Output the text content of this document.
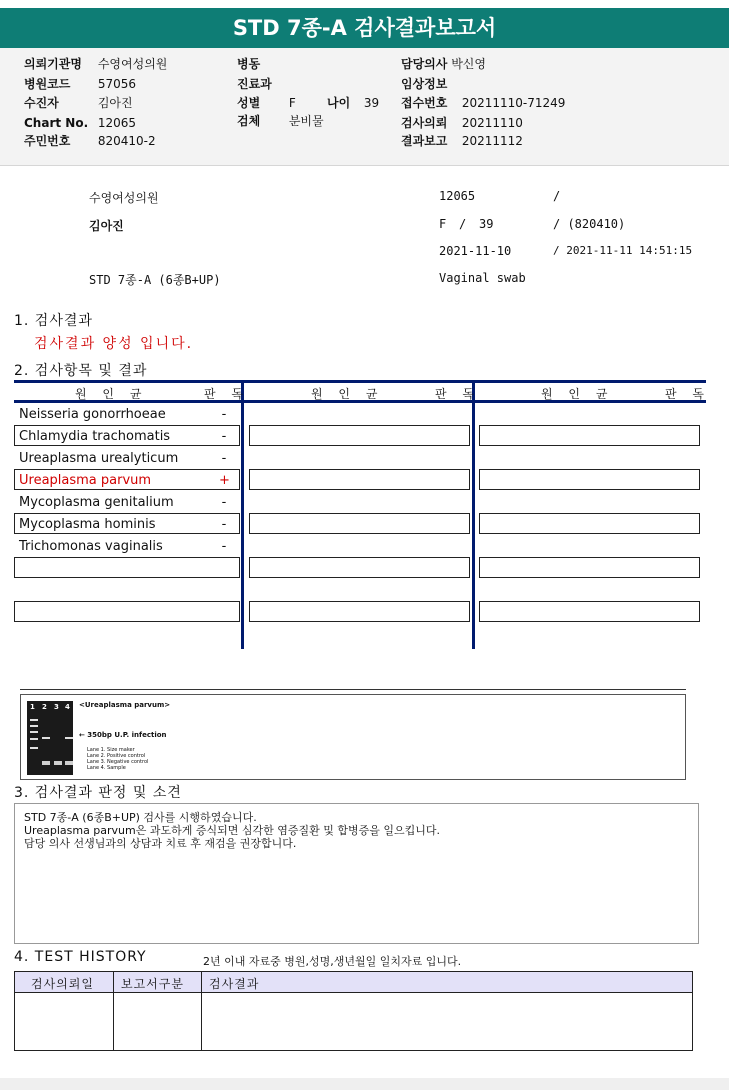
STD 7종-A 검사결과보고서
의뢰기관명 수영여성의원
병원코드 57056
수진자	김아진
Chart No. 12065
주민번호 820410-2
병동
진료과
성별 F	나이 39
검체 분비물
담당의사 박신영
임상정보
접수번호 20211110-71249
검사의뢰 20211110
결과보고 20211112
수영여성의원	12065	/
김아진	F / 39	/ (820410)
2021-11-10	/ 2021-11-11 14:51:15
STD 7종-A (6종B+UP)	Vaginal swab
1. 검사결과
검사결과 양성 입니다.
2. 검사항목 및 결과
원 인 균	판 독	원 인 균	판 독	원 인 균	판 독
Neisseria gonorrhoeae	-
Chlamydia trachomatis	-
Ureaplasma urealyticum	-
Ureaplasma parvum	+
Mycoplasma genitalium	-
Mycoplasma hominis	-
Trichomonas vaginalis	-
1 2 3 4 <Ureaplasma parvum>
← 350bp U.P. infection
Lane 1. Size maker
Lane 2. Positive control
Lane 3. Negative control
Lane 4. Sample
3. 검사결과 판정 및 소견
STD 7종-A (6종B+UP) 검사를 시행하였습니다.
Ureaplasma parvum은 과도하게 증식되면 심각한 염증질환 및 합병증을 일으킵니다.
담당 의사 선생님과의 상담과 치료 후 재검을 권장합니다.
4. TEST HISTORY	2년 이내 자료중 병원,성명,생년월일 일치자료 입니다.
검사의뢰일 보고서구분 검사결과
